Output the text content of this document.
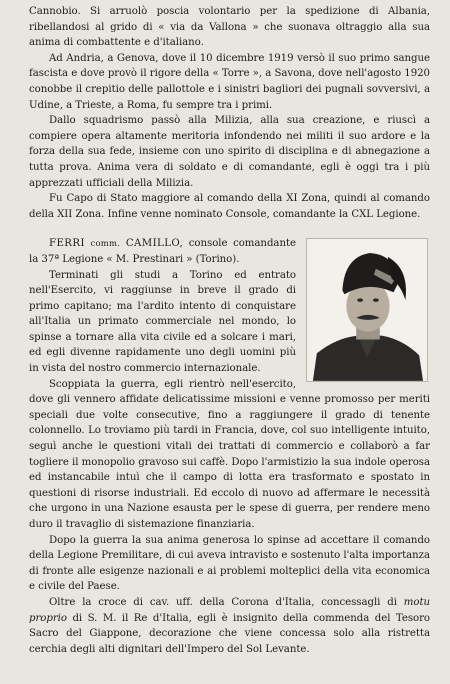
Cannobio. Si arruolò poscia volontario per la spedizione di Albania, ribellandosi al grido di « via da Vallona » che suonava oltraggio alla sua anima di combattente e d'italiano.

Ad Andria, a Genova, dove il 10 dicembre 1919 versò il suo primo sangue fascista e dove provò il rigore della « Torre », a Savona, dove nell'agosto 1920 conobbe il crepitio delle pallottole e i sinistri bagliori dei pugnali sovversivi, a Udine, a Trieste, a Roma, fu sempre tra i primi.

Dallo squadrismo passò alla Milizia, alla sua creazione, e riuscì a compiere opera altamente meritoria infondendo nei militi il suo ardore e la forza della sua fede, insieme con uno spirito di disciplina e di abnegazione a tutta prova. Anima vera di soldato e di comandante, egli è oggi tra i più apprezzati ufficiali della Milizia.

Fu Capo di Stato maggiore al comando della XI Zona, quindi al comando della XII Zona. Infine venne nominato Console, comandante la CXL Legione.

FERRI comm. CAMILLO, console comandante la 37ª Legione « M. Prestinari » (Torino).

Terminati gli studi a Torino ed entrato nell'Esercito, vi raggiunse in breve il grado di primo capitano; ma l'ardito intento di conquistare all'Italia un primato commerciale nel mondo, lo spinse a tornare alla vita civile ed a solcare i mari, ed egli divenne rapidamente uno degli uomini più in vista del nostro commercio internazionale.

Scoppiata la guerra, egli rientrò nell'esercito, dove gli vennero affidate delicatissime missioni e venne promosso per meriti speciali due volte consecutive, fino a raggiungere il grado di tenente colonnello. Lo troviamo più tardi in Francia, dove, col suo intelligente intuito, seguì anche le questioni vitali dei trattati di commercio e collaborò a far togliere il monopolio gravoso sui caffè. Dopo l'armistizio la sua indole operosa ed instancabile intuì che il campo di lotta era trasformato e spostato in questioni di risorse industriali. Ed eccolo di nuovo ad affermare le necessità che urgono in una Nazione esausta per le spese di guerra, per rendere meno duro il travaglio di sistemazione finanziaria.

Dopo la guerra la sua anima generosa lo spinse ad accettare il comando della Legione Premilitare, di cui aveva intravisto e sostenuto l'alta importanza di fronte alle esigenze nazionali e ai problemi molteplici della vita economica e civile del Paese.

Oltre la croce di cav. uff. della Corona d'Italia, concessagli di motu proprio di S. M. il Re d'Italia, egli è insignito della commenda del Tesoro Sacro del Giappone, decorazione che viene concessa solo alla ristretta cerchia degli alti dignitari dell'Impero del Sol Levante.
